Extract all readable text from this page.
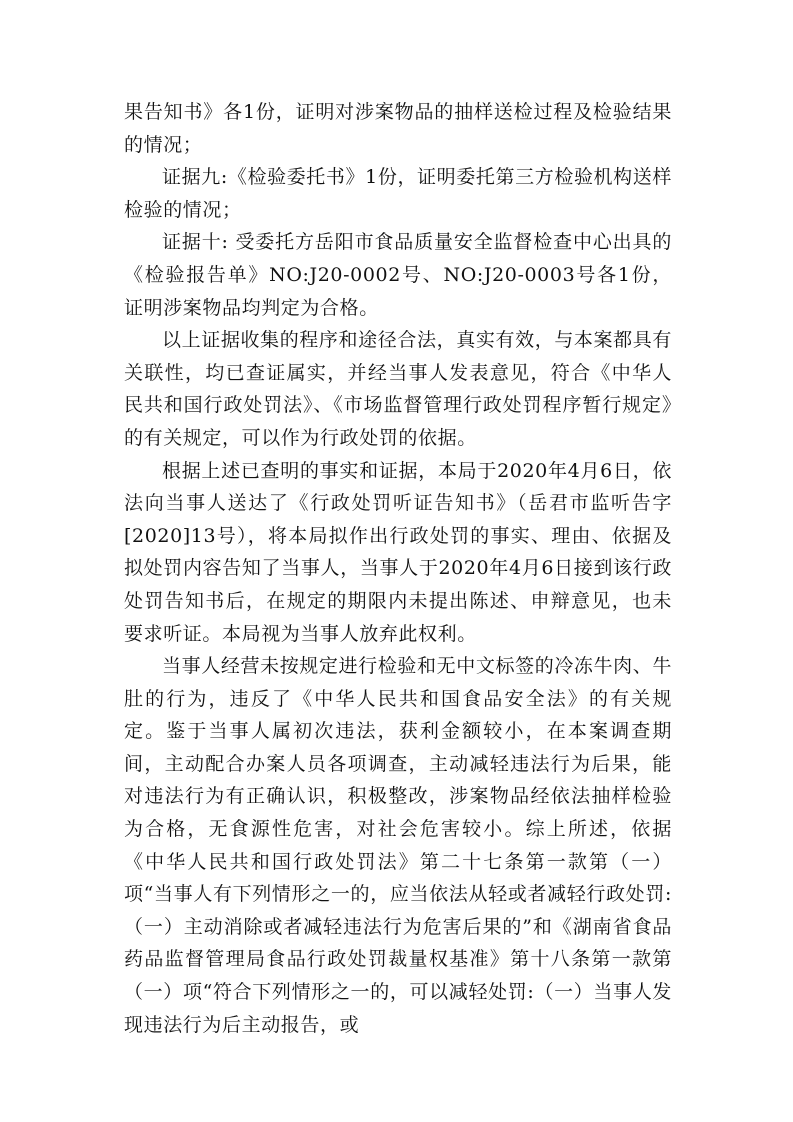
果告知书》各1份，证明对涉案物品的抽样送检过程及检验结果的情况；

证据九:《检验委托书》1份，证明委托第三方检验机构送样检验的情况；

证据十: 受委托方岳阳市食品质量安全监督检查中心出具的《检验报告单》NO:J20-0002号、NO:J20-0003号各1份，证明涉案物品均判定为合格。

以上证据收集的程序和途径合法，真实有效，与本案都具有关联性，均已查证属实，并经当事人发表意见，符合《中华人民共和国行政处罚法》、《市场监督管理行政处罚程序暂行规定》的有关规定，可以作为行政处罚的依据。

根据上述已查明的事实和证据，本局于2020年4月6日，依法向当事人送达了《行政处罚听证告知书》（岳君市监听告字[2020]13号），将本局拟作出行政处罚的事实、理由、依据及拟处罚内容告知了当事人，当事人于2020年4月6日接到该行政处罚告知书后，在规定的期限内未提出陈述、申辩意见，也未要求听证。本局视为当事人放弃此权利。

当事人经营未按规定进行检验和无中文标签的冷冻牛肉、牛肚的行为，违反了《中华人民共和国食品安全法》的有关规定。鉴于当事人属初次违法，获利金额较小，在本案调查期间，主动配合办案人员各项调查，主动减轻违法行为后果，能对违法行为有正确认识，积极整改，涉案物品经依法抽样检验为合格，无食源性危害，对社会危害较小。综上所述，依据《中华人民共和国行政处罚法》第二十七条第一款第（一）项“当事人有下列情形之一的，应当依法从轻或者减轻行政处罚:（一）主动消除或者减轻违法行为危害后果的”和《湖南省食品药品监督管理局食品行政处罚裁量权基准》第十八条第一款第（一）项“符合下列情形之一的，可以减轻处罚:（一）当事人发现违法行为后主动报告，或
